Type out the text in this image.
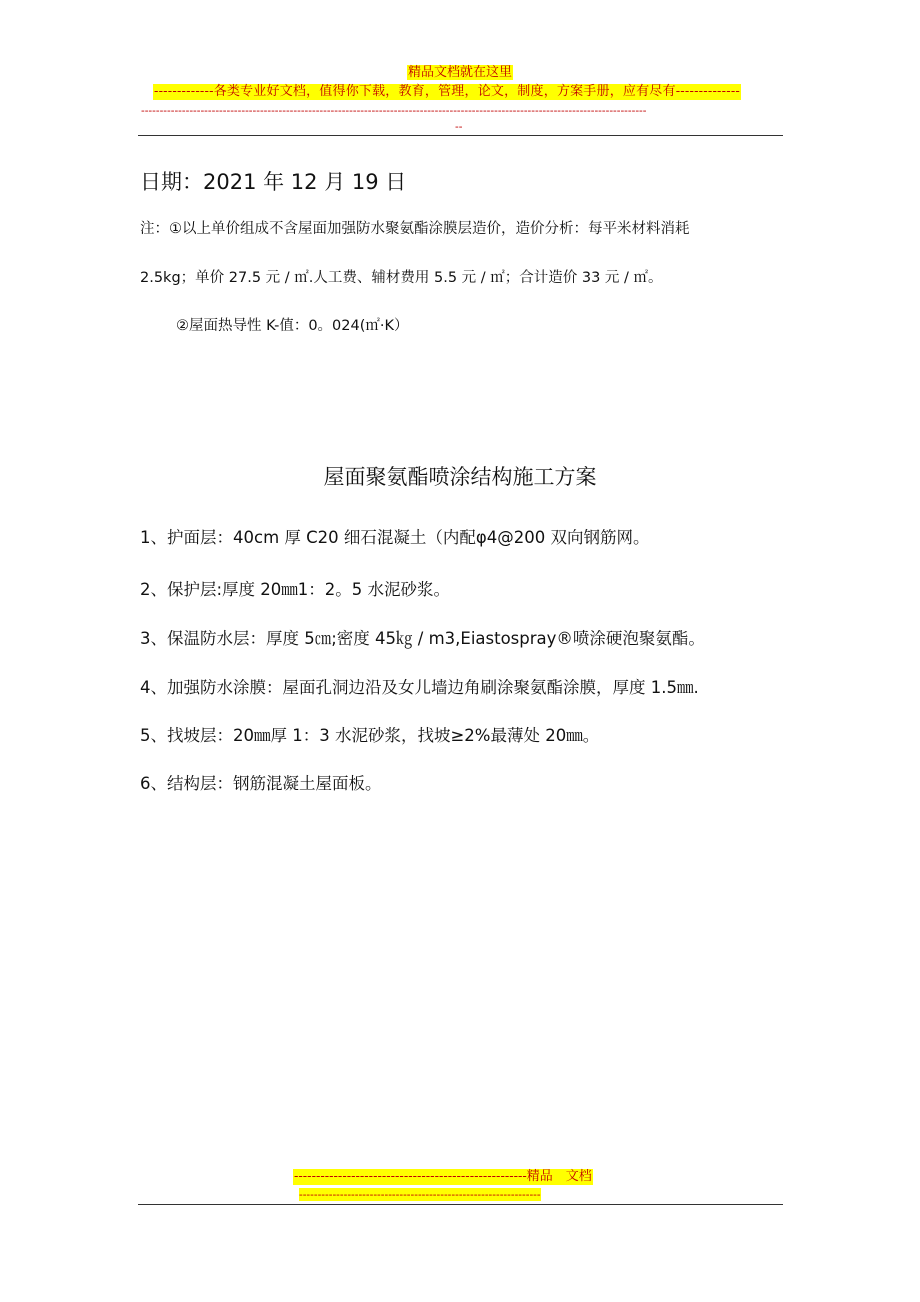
精品文档就在这里
-------------各类专业好文档，值得你下载，教育，管理，论文，制度，方案手册，应有尽有--------------
----------------------------------------------------------------------------------------------------------------------------------------
--
日期：2021 年 12 月 19 日
注：①以上单价组成不含屋面加强防水聚氨酯涂膜层造价，造价分析：每平米材料消耗
2.5kg；单价 27.5 元 / ㎡.人工费、辅材费用 5.5 元 / ㎡；合计造价 33 元 / ㎡。
②屋面热导性 K-值：0。024(㎡·K）
屋面聚氨酯喷涂结构施工方案
www.zixin.com.cn
1、护面层：40cm 厚 C20 细石混凝土（内配φ4@200 双向钢筋网。
2、保护层:厚度 20㎜1：2。5 水泥砂浆。
3、保温防水层：厚度 5㎝;密度 45㎏ / m3,Eiastospray®喷涂硬泡聚氨酯。
4、加强防水涂膜：屋面孔洞边沿及女儿墙边角刷涂聚氨酯涂膜，厚度 1.5㎜.
5、找坡层：20㎜厚 1：3 水泥砂浆，找坡≥2%最薄处 20㎜。
6、结构层：钢筋混凝土屋面板。
-----------------------------------------------------精品　文档
-----------------------------------------------------------------
